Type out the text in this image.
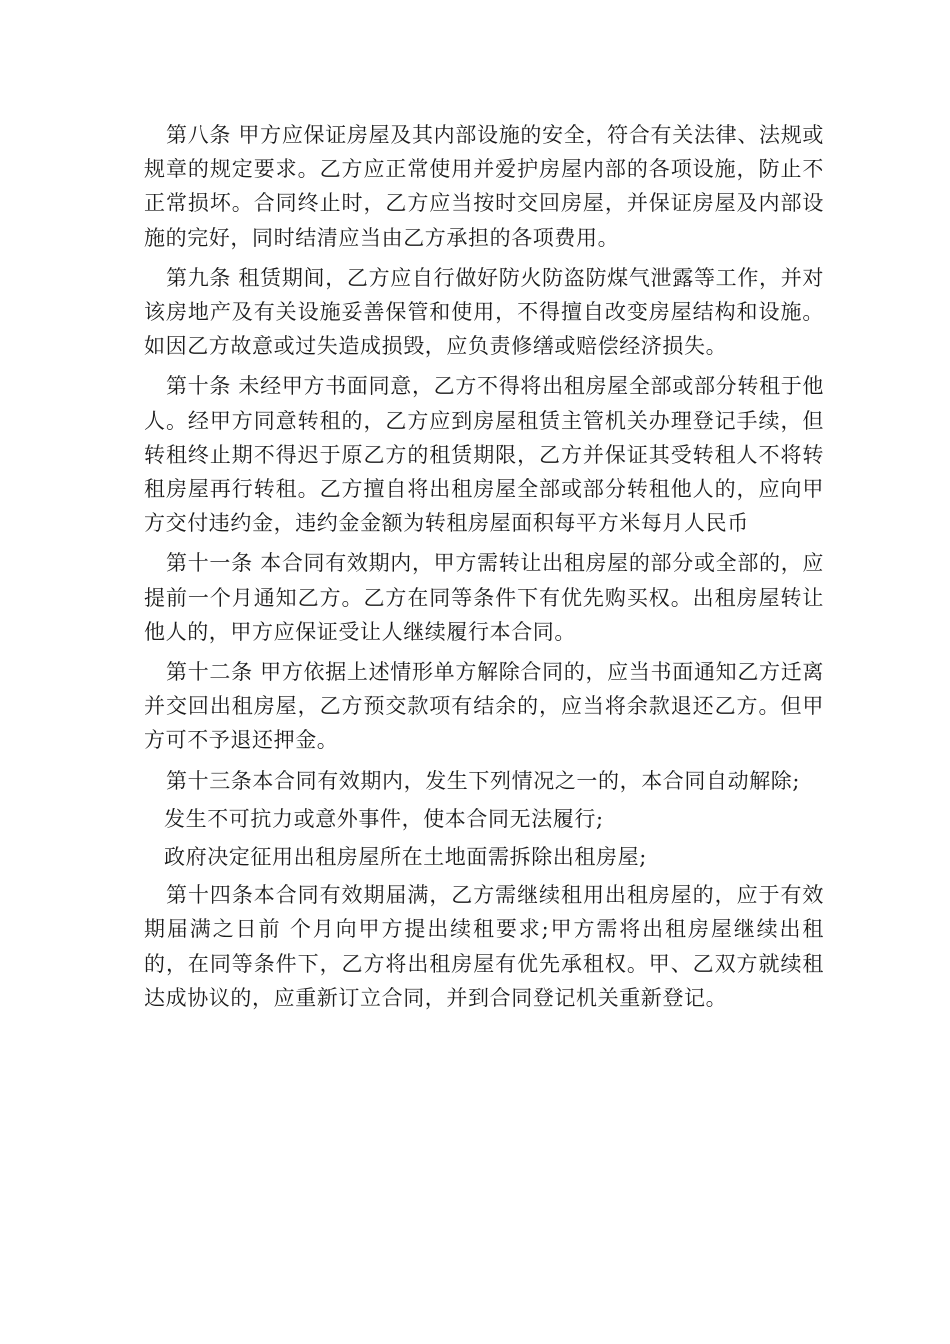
第八条 甲方应保证房屋及其内部设施的安全，符合有关法律、法规或规章的规定要求。乙方应正常使用并爱护房屋内部的各项设施，防止不正常损坏。合同终止时，乙方应当按时交回房屋，并保证房屋及内部设施的完好，同时结清应当由乙方承担的各项费用。

第九条 租赁期间，乙方应自行做好防火防盗防煤气泄露等工作，并对该房地产及有关设施妥善保管和使用，不得擅自改变房屋结构和设施。如因乙方故意或过失造成损毁，应负责修缮或赔偿经济损失。

第十条 未经甲方书面同意，乙方不得将出租房屋全部或部分转租于他人。经甲方同意转租的，乙方应到房屋租赁主管机关办理登记手续，但转租终止期不得迟于原乙方的租赁期限，乙方并保证其受转租人不将转租房屋再行转租。乙方擅自将出租房屋全部或部分转租他人的，应向甲方交付违约金，违约金金额为转租房屋面积每平方米每月人民币

第十一条 本合同有效期内，甲方需转让出租房屋的部分或全部的，应提前一个月通知乙方。乙方在同等条件下有优先购买权。出租房屋转让他人的，甲方应保证受让人继续履行本合同。

第十二条 甲方依据上述情形单方解除合同的，应当书面通知乙方迁离并交回出租房屋，乙方预交款项有结余的，应当将余款退还乙方。但甲方可不予退还押金。

第十三条本合同有效期内，发生下列情况之一的，本合同自动解除;

发生不可抗力或意外事件，使本合同无法履行;

政府决定征用出租房屋所在土地面需拆除出租房屋;

第十四条本合同有效期届满，乙方需继续租用出租房屋的，应于有效期届满之日前 个月向甲方提出续租要求;甲方需将出租房屋继续出租的，在同等条件下，乙方将出租房屋有优先承租权。甲、乙双方就续租达成协议的，应重新订立合同，并到合同登记机关重新登记。
